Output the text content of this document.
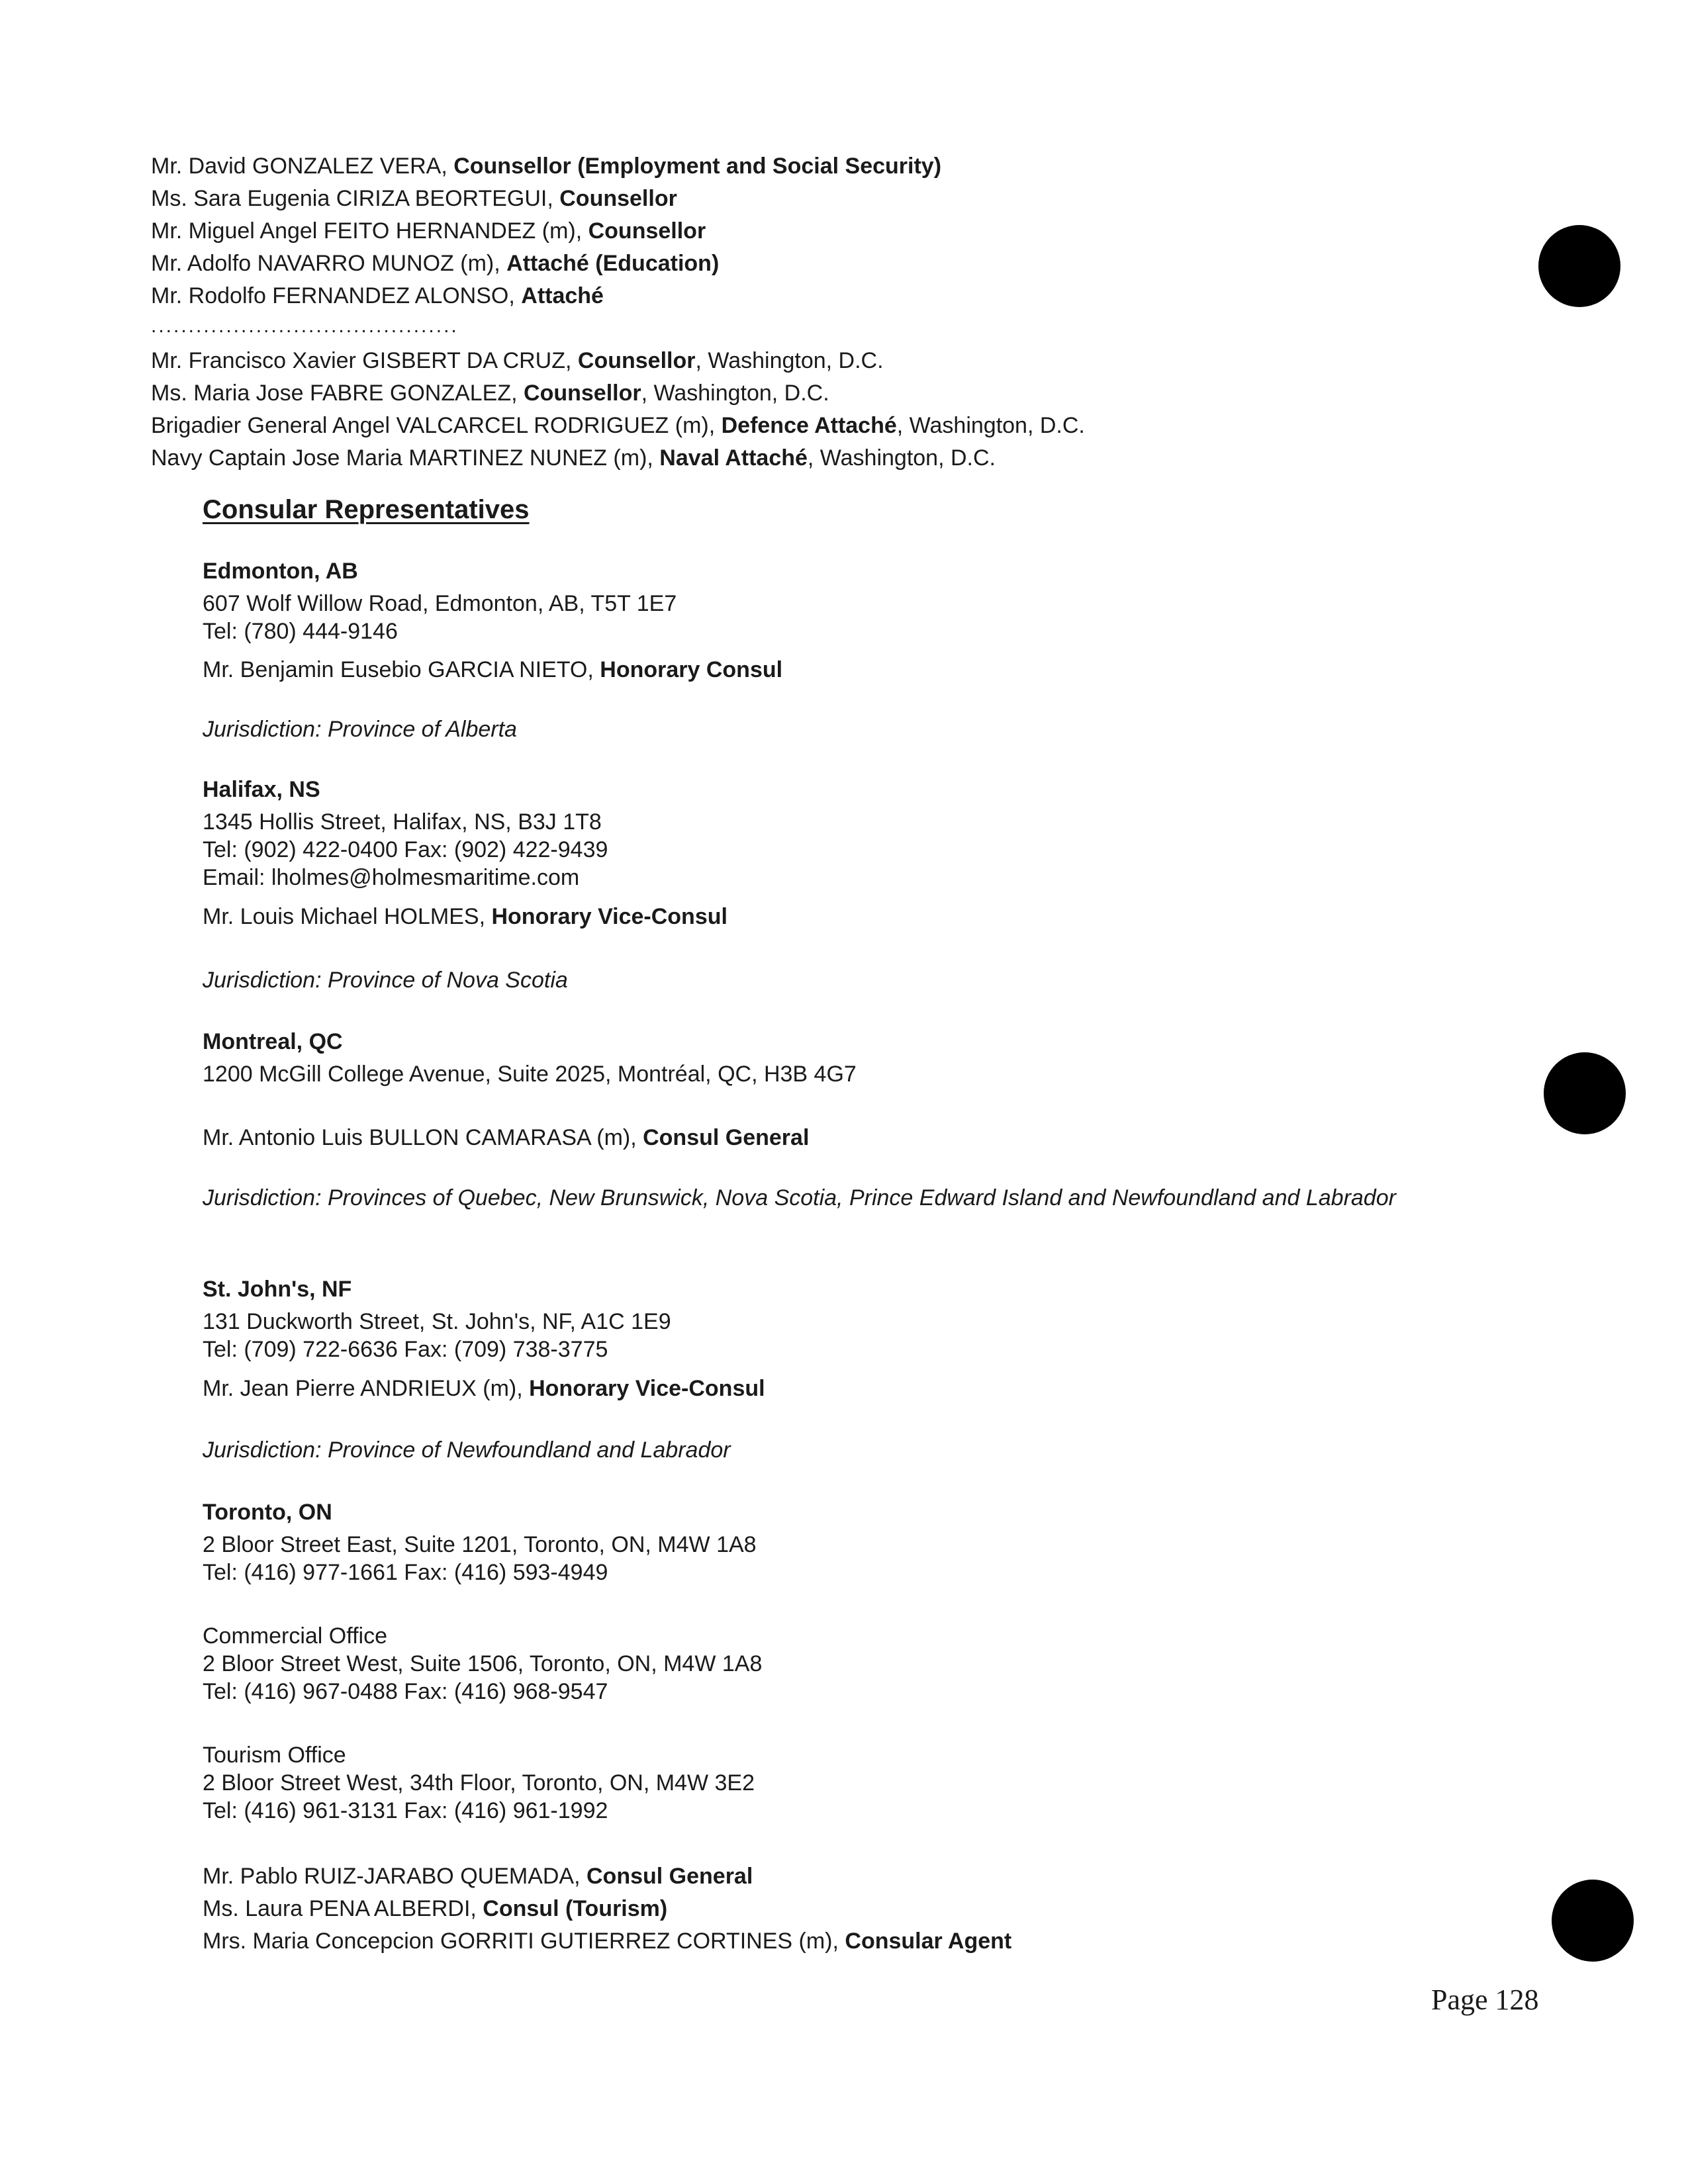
Mr. David GONZALEZ VERA, Counsellor (Employment and Social Security)
Ms. Sara Eugenia CIRIZA BEORTEGUI, Counsellor
Mr. Miguel Angel FEITO HERNANDEZ (m), Counsellor
Mr. Adolfo NAVARRO MUNOZ (m), Attaché (Education)
Mr. Rodolfo FERNANDEZ ALONSO, Attaché
.........................................
Mr. Francisco Xavier GISBERT DA CRUZ, Counsellor, Washington, D.C.
Ms. Maria Jose FABRE GONZALEZ, Counsellor, Washington, D.C.
Brigadier General Angel VALCARCEL RODRIGUEZ (m), Defence Attaché, Washington, D.C.
Navy Captain Jose Maria MARTINEZ NUNEZ (m), Naval Attaché, Washington, D.C.
Consular Representatives
Edmonton, AB
607 Wolf Willow Road, Edmonton, AB, T5T 1E7
Tel: (780) 444-9146
Mr. Benjamin Eusebio GARCIA NIETO, Honorary Consul
Jurisdiction: Province of Alberta
Halifax, NS
1345 Hollis Street, Halifax, NS, B3J 1T8
Tel: (902) 422-0400 Fax: (902) 422-9439
Email: lholmes@holmesmaritime.com
Mr. Louis Michael HOLMES, Honorary Vice-Consul
Jurisdiction: Province of Nova Scotia
Montreal, QC
1200 McGill College Avenue, Suite 2025, Montréal, QC, H3B 4G7
Mr. Antonio Luis BULLON CAMARASA (m), Consul General
Jurisdiction: Provinces of Quebec, New Brunswick, Nova Scotia, Prince Edward Island and Newfoundland and Labrador
St. John's, NF
131 Duckworth Street, St. John's, NF, A1C 1E9
Tel: (709) 722-6636 Fax: (709) 738-3775
Mr. Jean Pierre ANDRIEUX (m), Honorary Vice-Consul
Jurisdiction: Province of Newfoundland and Labrador
Toronto, ON
2 Bloor Street East, Suite 1201, Toronto, ON, M4W 1A8
Tel: (416) 977-1661 Fax: (416) 593-4949
Commercial Office
2 Bloor Street West, Suite 1506, Toronto, ON, M4W 1A8
Tel: (416) 967-0488 Fax: (416) 968-9547
Tourism Office
2 Bloor Street West, 34th Floor, Toronto, ON, M4W 3E2
Tel: (416) 961-3131 Fax: (416) 961-1992
Mr. Pablo RUIZ-JARABO QUEMADA, Consul General
Ms. Laura PENA ALBERDI, Consul (Tourism)
Mrs. Maria Concepcion GORRITI GUTIERREZ CORTINES (m), Consular Agent
Page 128
